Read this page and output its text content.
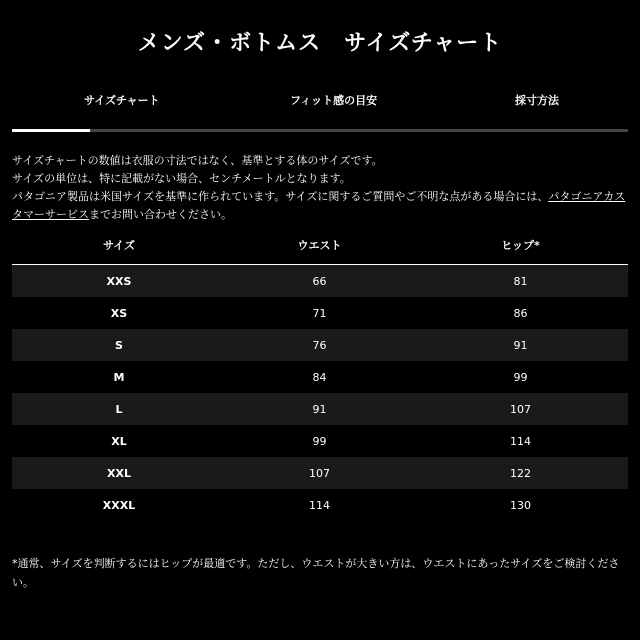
メンズ・ボトムス　サイズチャート
サイズチャート	フィット感の目安	採寸方法

サイズチャートの数値は衣服の寸法ではなく、基準とする体のサイズです。

サイズの単位は、特に記載がない場合、センチメートルとなります。

パタゴニア製品は米国サイズを基準に作られています。サイズに関するご質問やご不明な点がある場合には、パタゴニアカスタマーサービスまでお問い合わせください。

サイズ	ウエスト	ヒップ*
XXS	66	81
XS	71	86
S	76	91
M	84	99
L	91	107
XL	99	114
XXL	107	122
XXXL	114	130
*通常、サイズを判断するにはヒップが最適です。ただし、ウエストが大きい方は、ウエストにあったサイズをご検討ください。
